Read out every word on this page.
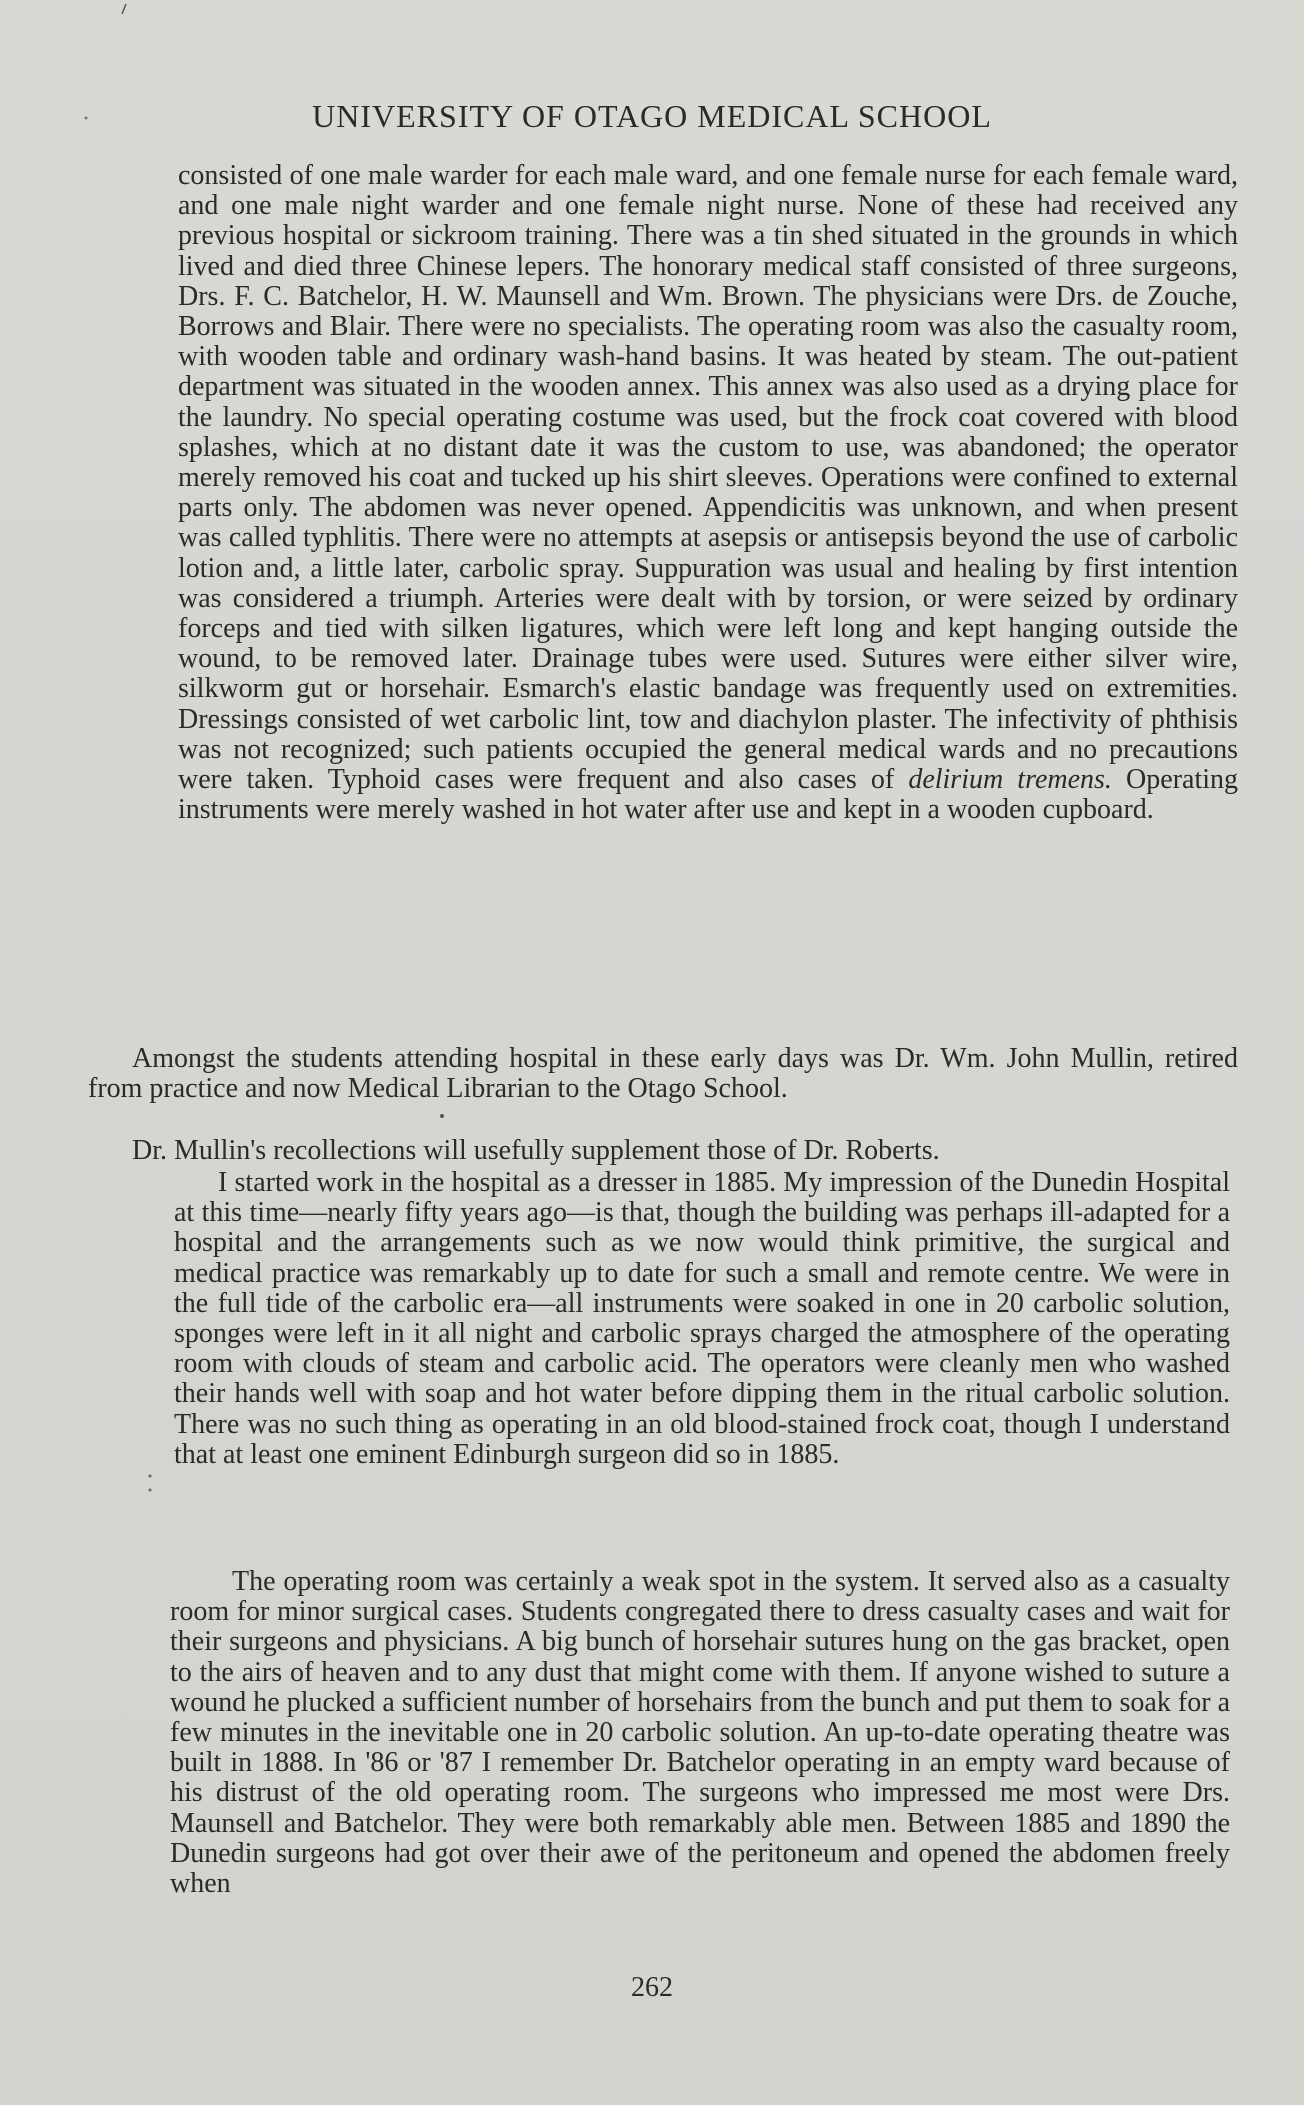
UNIVERSITY OF OTAGO MEDICAL SCHOOL

consisted of one male warder for each male ward, and one female nurse for each female ward, and one male night warder and one female night nurse. None of these had received any previous hospital or sickroom training. There was a tin shed situated in the grounds in which lived and died three Chinese lepers. The honorary medical staff consisted of three surgeons, Drs. F. C. Batchelor, H. W. Maunsell and Wm. Brown. The physicians were Drs. de Zouche, Borrows and Blair. There were no specialists. The operating room was also the casualty room, with wooden table and ordinary wash-hand basins. It was heated by steam. The out-patient department was situated in the wooden annex. This annex was also used as a drying place for the laundry. No special operating costume was used, but the frock coat covered with blood splashes, which at no distant date it was the custom to use, was abandoned; the operator merely removed his coat and tucked up his shirt sleeves. Operations were confined to external parts only. The abdomen was never opened. Appendicitis was unknown, and when present was called typhlitis. There were no attempts at asepsis or antisepsis beyond the use of carbolic lotion and, a little later, carbolic spray. Suppuration was usual and healing by first intention was considered a triumph. Arteries were dealt with by torsion, or were seized by ordinary forceps and tied with silken ligatures, which were left long and kept hanging outside the wound, to be removed later. Drainage tubes were used. Sutures were either silver wire, silkworm gut or horsehair. Esmarch's elastic bandage was frequently used on extremities. Dressings consisted of wet carbolic lint, tow and diachylon plaster. The infectivity of phthisis was not recognized; such patients occupied the general medical wards and no precautions were taken. Typhoid cases were frequent and also cases of delirium tremens. Operating instruments were merely washed in hot water after use and kept in a wooden cupboard.

Amongst the students attending hospital in these early days was Dr. Wm. John Mullin, retired from practice and now Medical Librarian to the Otago School.

Dr. Mullin's recollections will usefully supplement those of Dr. Roberts.

I started work in the hospital as a dresser in 1885. My impression of the Dunedin Hospital at this time—nearly fifty years ago—is that, though the building was perhaps ill-adapted for a hospital and the arrangements such as we now would think primitive, the surgical and medical practice was remarkably up to date for such a small and remote centre. We were in the full tide of the carbolic era—all instruments were soaked in one in 20 carbolic solution, sponges were left in it all night and carbolic sprays charged the atmosphere of the operating room with clouds of steam and carbolic acid. The operators were cleanly men who washed their hands well with soap and hot water before dipping them in the ritual carbolic solution. There was no such thing as operating in an old blood-stained frock coat, though I understand that at least one eminent Edinburgh surgeon did so in 1885.

The operating room was certainly a weak spot in the system. It served also as a casualty room for minor surgical cases. Students congregated there to dress casualty cases and wait for their surgeons and physicians. A big bunch of horsehair sutures hung on the gas bracket, open to the airs of heaven and to any dust that might come with them. If anyone wished to suture a wound he plucked a sufficient number of horsehairs from the bunch and put them to soak for a few minutes in the inevitable one in 20 carbolic solution. An up-to-date operating theatre was built in 1888. In '86 or '87 I remember Dr. Batchelor operating in an empty ward because of his distrust of the old operating room. The surgeons who impressed me most were Drs. Maunsell and Batchelor. They were both remarkably able men. Between 1885 and 1890 the Dunedin surgeons had got over their awe of the peritoneum and opened the abdomen freely when

262
